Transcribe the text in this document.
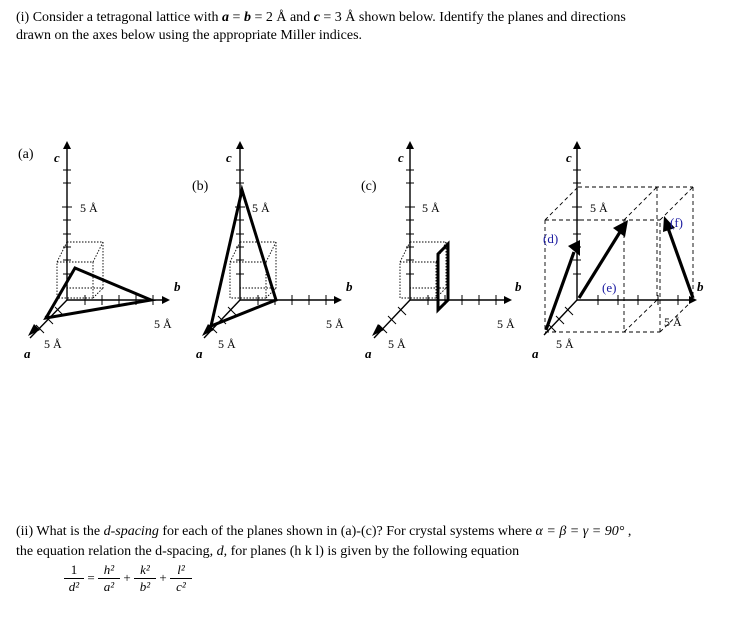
(i) Consider a tetragonal lattice with a = b = 2 Å and c = 3 Å shown below. Identify the planes and directions
drawn on the axes below using the appropriate Miller indices.
(a) c
b
a
5 Å
5 Å
5 Å
(b)
c
b
a
5 Å
5 Å
5 Å
(c)
c
b
a
5 Å
5 Å
5 Å
c
b
a
5 Å
5 Å
5 Å
(d)
(e)
(f)
(ii) What is the d-spacing for each of the planes shown in (a)-(c)? For crystal systems where α = β = γ = 90° ,
the equation relation the d-spacing, d, for planes (h k l) is given by the following equation
1
d²
=
h²
a²
+
k²
b²
+
l²
c²
